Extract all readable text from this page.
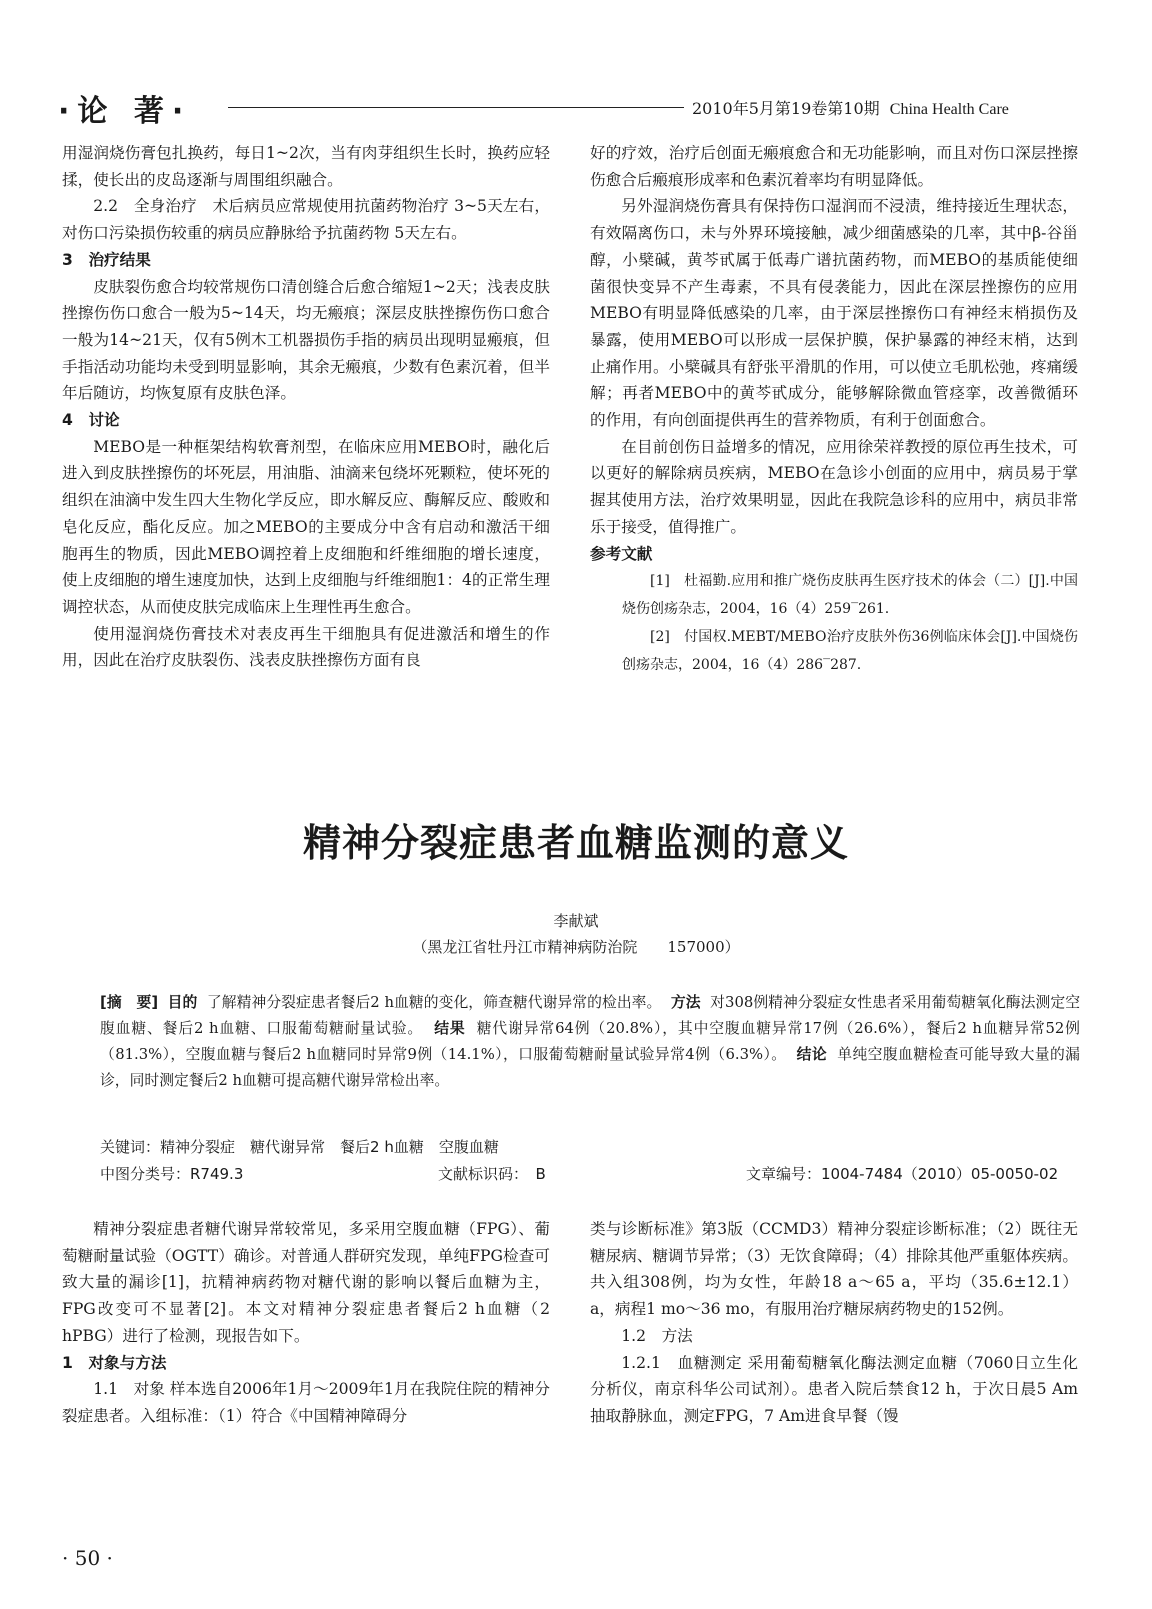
·论 著·	2010年5月第19卷第10期 China Health Care

用湿润烧伤膏包扎换药，每日1~2次，当有肉芽组织生长时，换药应轻揉，使长出的皮岛逐渐与周围组织融合。

2.2　全身治疗　术后病员应常规使用抗菌药物治疗 3~5天左右，对伤口污染损伤较重的病员应静脉给予抗菌药物 5天左右。

3　治疗结果

皮肤裂伤愈合均较常规伤口清创缝合后愈合缩短1~2天；浅表皮肤挫擦伤伤口愈合一般为5~14天，均无瘢痕；深层皮肤挫擦伤伤口愈合一般为14~21天，仅有5例木工机器损伤手指的病员出现明显瘢痕，但手指活动功能均未受到明显影响，其余无瘢痕，少数有色素沉着，但半年后随访，均恢复原有皮肤色泽。

4　讨论

MEBO是一种框架结构软膏剂型，在临床应用MEBO时，融化后进入到皮肤挫擦伤的坏死层，用油脂、油滴来包绕坏死颗粒，使坏死的组织在油滴中发生四大生物化学反应，即水解反应、酶解反应、酸败和皂化反应，酯化反应。加之MEBO的主要成分中含有启动和激活干细胞再生的物质，因此MEBO调控着上皮细胞和纤维细胞的增长速度，使上皮细胞的增生速度加快，达到上皮细胞与纤维细胞1：4的正常生理调控状态，从而使皮肤完成临床上生理性再生愈合。

使用湿润烧伤膏技术对表皮再生干细胞具有促进激活和增生的作用，因此在治疗皮肤裂伤、浅表皮肤挫擦伤方面有良

好的疗效，治疗后创面无瘢痕愈合和无功能影响，而且对伤口深层挫擦伤愈合后瘢痕形成率和色素沉着率均有明显降低。

另外湿润烧伤膏具有保持伤口湿润而不浸渍，维持接近生理状态，有效隔离伤口，未与外界环境接触，减少细菌感染的几率，其中β-谷甾醇，小檗碱，黄芩甙属于低毒广谱抗菌药物，而MEBO的基质能使细菌很快变异不产生毒素，不具有侵袭能力，因此在深层挫擦伤的应用MEBO有明显降低感染的几率，由于深层挫擦伤口有神经末梢损伤及暴露，使用MEBO可以形成一层保护膜，保护暴露的神经末梢，达到止痛作用。小檗碱具有舒张平滑肌的作用，可以使立毛肌松弛，疼痛缓解；再者MEBO中的黄芩甙成分，能够解除微血管痉挛，改善微循环的作用，有向创面提供再生的营养物质，有利于创面愈合。

在目前创伤日益增多的情况，应用徐荣祥教授的原位再生技术，可以更好的解除病员疾病，MEBO在急诊小创面的应用中，病员易于掌握其使用方法，治疗效果明显，因此在我院急诊科的应用中，病员非常乐于接受，值得推广。

参考文献

[1]　杜福勤.应用和推广烧伤皮肤再生医疗技术的体会（二）[J].中国烧伤创疡杂志，2004，16（4）259‾261.

[2]　付国权.MEBT/MEBO治疗皮肤外伤36例临床体会[J].中国烧伤创疡杂志，2004，16（4）286‾287.

精神分裂症患者血糖监测的意义
李献斌
（黑龙江省牡丹江市精神病防治院　　157000）
[摘　要] 目的 了解精神分裂症患者餐后2 h血糖的变化，筛查糖代谢异常的检出率。 方法 对308例精神分裂症女性患者采用葡萄糖氧化酶法测定空腹血糖、餐后2 h血糖、口服葡萄糖耐量试验。 结果 糖代谢异常64例（20.8%），其中空腹血糖异常17例（26.6%），餐后2 h血糖异常52例（81.3%），空腹血糖与餐后2 h血糖同时异常9例（14.1%），口服葡萄糖耐量试验异常4例（6.3%）。 结论 单纯空腹血糖检查可能导致大量的漏诊，同时测定餐后2 h血糖可提高糖代谢异常检出率。
关键词：精神分裂症　糖代谢异常　餐后2 h血糖　空腹血糖
中图分类号：R749.3	文献标识码：　B	文章编号：1004-7484（2010）05-0050-02

精神分裂症患者糖代谢异常较常见，多采用空腹血糖（FPG）、葡萄糖耐量试验（OGTT）确诊。对普通人群研究发现，单纯FPG检查可致大量的漏诊[1]，抗精神病药物对糖代谢的影响以餐后血糖为主，FPG改变可不显著[2]。本文对精神分裂症患者餐后2 h血糖（2 hPBG）进行了检测，现报告如下。

1　对象与方法

1.1　对象 样本选自2006年1月～2009年1月在我院住院的精神分裂症患者。入组标准：（1）符合《中国精神障碍分

类与诊断标准》第3版（CCMD3）精神分裂症诊断标准；（2）既往无糖尿病、糖调节异常；（3）无饮食障碍；（4）排除其他严重躯体疾病。共入组308例，均为女性，年龄18 a～65 a，平均（35.6±12.1） a，病程1 mo～36 mo，有服用治疗糖尿病药物史的152例。

1.2　方法

1.2.1　血糖测定 采用葡萄糖氧化酶法测定血糖（7060日立生化分析仪，南京科华公司试剂）。患者入院后禁食12 h，于次日晨5 Am抽取静脉血，测定FPG，7 Am进食早餐（馒

· 50 ·
